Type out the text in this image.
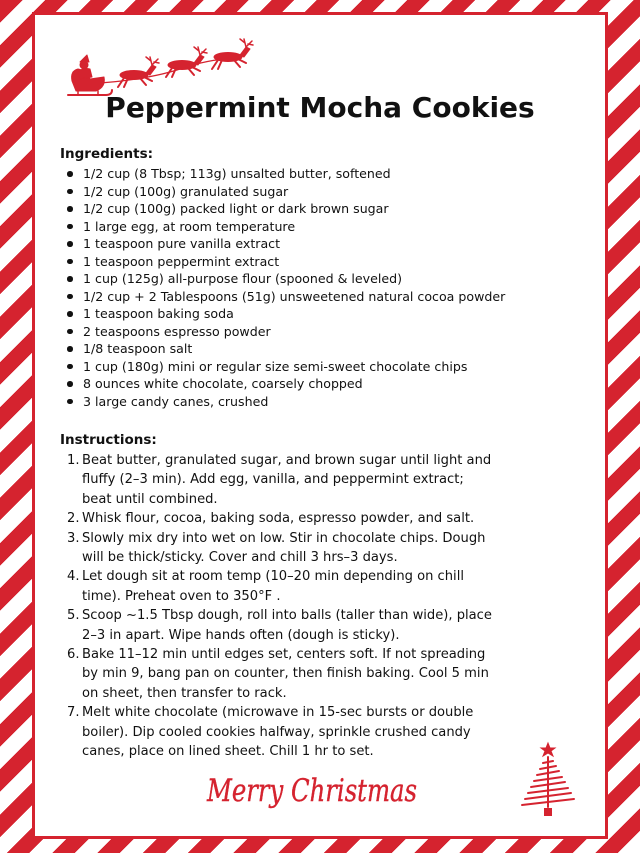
Peppermint Mocha Cookies
Ingredients:
1/2 cup (8 Tbsp; 113g) unsalted butter, softened
1/2 cup (100g) granulated sugar
1/2 cup (100g) packed light or dark brown sugar
1 large egg, at room temperature
1 teaspoon pure vanilla extract
1 teaspoon peppermint extract
1 cup (125g) all-purpose flour (spooned & leveled)
1/2 cup + 2 Tablespoons (51g) unsweetened natural cocoa powder
1 teaspoon baking soda
2 teaspoons espresso powder
1/8 teaspoon salt
1 cup (180g) mini or regular size semi-sweet chocolate chips
8 ounces white chocolate, coarsely chopped
3 large candy canes, crushed
Instructions:
1. Beat butter, granulated sugar, and brown sugar until light and
fluffy (2–3 min). Add egg, vanilla, and peppermint extract;
beat until combined.
2. Whisk flour, cocoa, baking soda, espresso powder, and salt.
3. Slowly mix dry into wet on low. Stir in chocolate chips. Dough
will be thick/sticky. Cover and chill 3 hrs–3 days.
4. Let dough sit at room temp (10–20 min depending on chill
time). Preheat oven to 350°F .
5. Scoop ~1.5 Tbsp dough, roll into balls (taller than wide), place
2–3 in apart. Wipe hands often (dough is sticky).
6. Bake 11–12 min until edges set, centers soft. If not spreading
by min 9, bang pan on counter, then finish baking. Cool 5 min
on sheet, then transfer to rack.
7. Melt white chocolate (microwave in 15-sec bursts or double
boiler). Dip cooled cookies halfway, sprinkle crushed candy
canes, place on lined sheet. Chill 1 hr to set.
Merry Christmas
